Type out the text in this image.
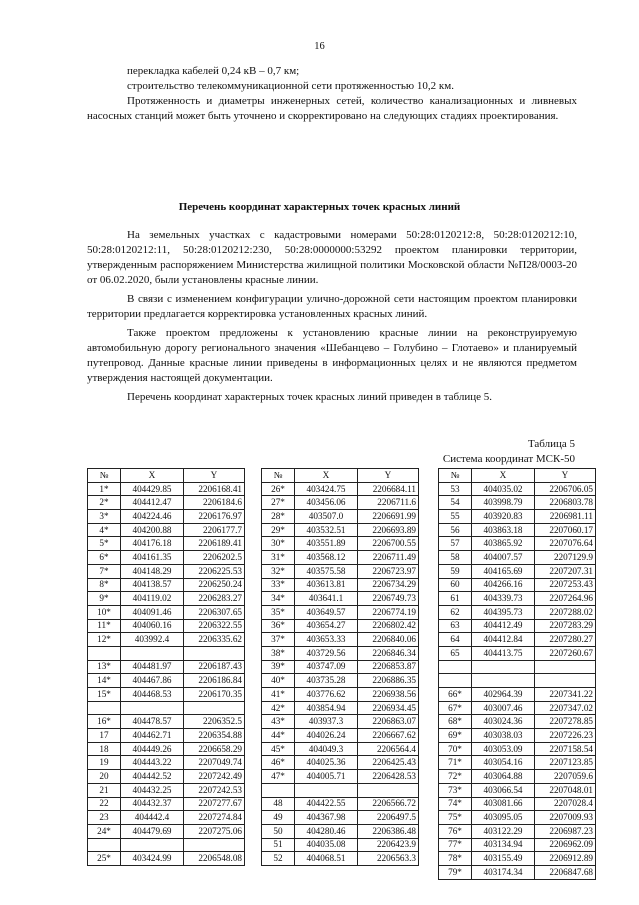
16

перекладка кабелей 0,24 кВ – 0,7 км;

строительство телекоммуникационной сети протяженностью 10,2 км.

Протяженность и диаметры инженерных сетей, количество канализационных и ливневых насосных станций может быть уточнено и скорректировано на следующих стадиях проектирования.

Перечень координат характерных точек красных линий

На земельных участках с кадастровыми номерами 50:28:0120212:8, 50:28:0120212:10, 50:28:0120212:11, 50:28:0120212:230, 50:28:0000000:53292 проектом планировки территории, утвержденным распоряжением Министерства жилищной политики Московской области №П28/0003-20 от 06.02.2020, были установлены красные линии.

В связи с изменением конфигурации улично-дорожной сети настоящим проектом планировки территории предлагается корректировка установленных красных линий.

Также проектом предложены к установлению красные линии на реконструируемую автомобильную дорогу регионального значения «Шебанцево – Голубино – Глотаево» и планируемый путепровод. Данные красные линии приведены в информационных целях и не являются предметом утверждения настоящей документации.

Перечень координат характерных точек красных линий приведен в таблице 5.

Таблица 5
Система координат МСК-50
№	X	Y
1*	404429.85	2206168.41
2*	404412.47	2206184.6
3*	404224.46	2206176.97
4*	404200.88	2206177.7
5*	404176.18	2206189.41
6*	404161.35	2206202.5
7*	404148.29	2206225.53
8*	404138.57	2206250.24
9*	404119.02	2206283.27
10*	404091.46	2206307.65
11*	404060.16	2206322.55
12*	403992.4	2206335.62

13*	404481.97	2206187.43
14*	404467.86	2206186.84
15*	404468.53	2206170.35

16*	404478.57	2206352.5
17	404462.71	2206354.88
18	404449.26	2206658.29
19	404443.22	2207049.74
20	404442.52	2207242.49
21	404432.25	2207242.53
22	404432.37	2207277.67
23	404442.4	2207274.84
24*	404479.69	2207275.06

25*	403424.99	2206548.08
№	X	Y
26*	403424.75	2206684.11
27*	403456.06	2206711.6
28*	403507.0	2206691.99
29*	403532.51	2206693.89
30*	403551.89	2206700.55
31*	403568.12	2206711.49
32*	403575.58	2206723.97
33*	403613.81	2206734.29
34*	403641.1	2206749.73
35*	403649.57	2206774.19
36*	403654.27	2206802.42
37*	403653.33	2206840.06
38*	403729.56	2206846.34
39*	403747.09	2206853.87
40*	403735.28	2206886.35
41*	403776.62	2206938.56
42*	403854.94	2206934.45
43*	403937.3	2206863.07
44*	404026.24	2206667.62
45*	404049.3	2206564.4
46*	404025.36	2206425.43
47*	404005.71	2206428.53

48	404422.55	2206566.72
49	404367.98	2206497.5
50	404280.46	2206386.48
51	404035.08	2206423.9
52	404068.51	2206563.3
№	X	Y
53	404035.02	2206706.05
54	403998.79	2206803.78
55	403920.83	2206981.11
56	403863.18	2207060.17
57	403865.92	2207076.64
58	404007.57	2207129.9
59	404165.69	2207207.31
60	404266.16	2207253.43
61	404339.73	2207264.96
62	404395.73	2207288.02
63	404412.49	2207283.29
64	404412.84	2207280.27
65	404413.75	2207260.67

66*	402964.39	2207341.22
67*	403007.46	2207347.02
68*	403024.36	2207278.85
69*	403038.03	2207226.23
70*	403053.09	2207158.54
71*	403054.16	2207123.85
72*	403064.88	2207059.6
73*	403066.54	2207048.01
74*	403081.66	2207028.4
75*	403095.05	2207009.93
76*	403122.29	2206987.23
77*	403134.94	2206962.09
78*	403155.49	2206912.89
79*	403174.34	2206847.68
